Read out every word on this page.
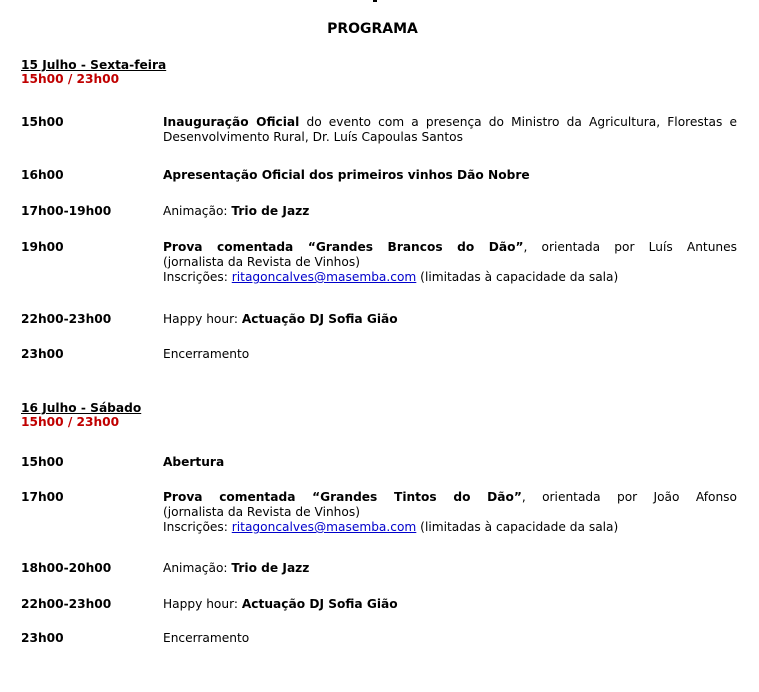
PROGRAMA
15 Julho - Sexta-feira
15h00 / 23h00
15h00	Inauguração Oficial do evento com a presença do Ministro da Agricultura, Florestas e Desenvolvimento Rural, Dr. Luís Capoulas Santos
16h00	Apresentação Oficial dos primeiros vinhos Dão Nobre
17h00-19h00	Animação: Trio de Jazz
19h00	Prova comentada “Grandes Brancos do Dão”, orientada por Luís Antunes
(jornalista da Revista de Vinhos)
Inscrições: ritagoncalves@masemba.com (limitadas à capacidade da sala)
22h00-23h00	Happy hour: Actuação DJ Sofia Gião
23h00	Encerramento
16 Julho - Sábado
15h00 / 23h00
15h00	Abertura
17h00	Prova comentada “Grandes Tintos do Dão”, orientada por João Afonso
(jornalista da Revista de Vinhos)
Inscrições: ritagoncalves@masemba.com (limitadas à capacidade da sala)
18h00-20h00	Animação: Trio de Jazz
22h00-23h00	Happy hour: Actuação DJ Sofia Gião
23h00	Encerramento
